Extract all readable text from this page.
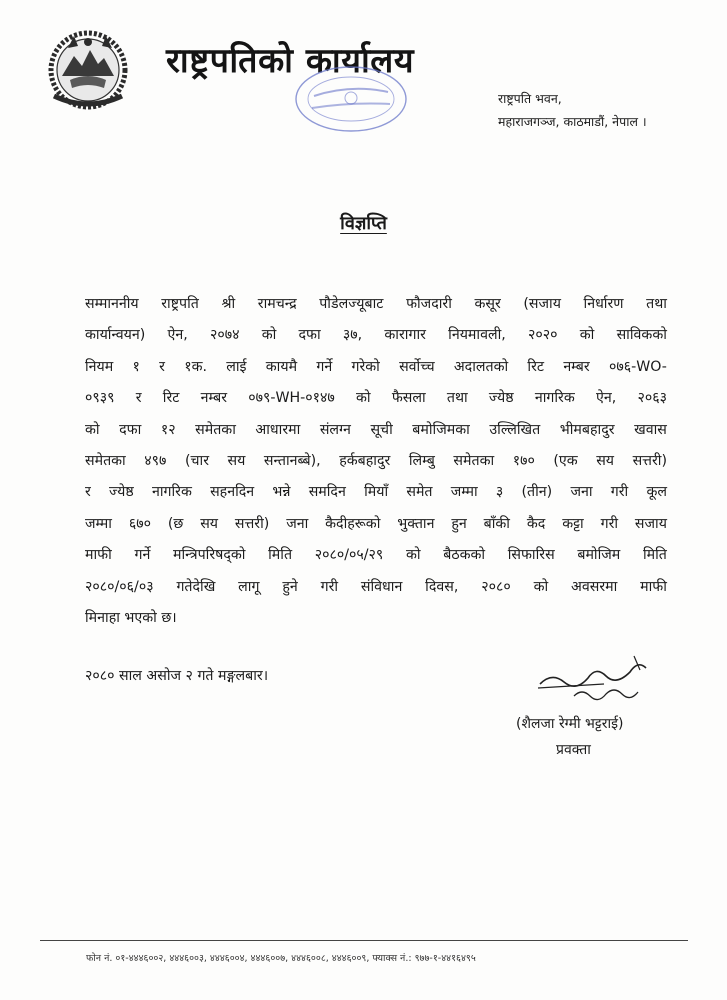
राष्ट्रपतिको कार्यालय
राष्ट्रपति भवन,
महाराजगञ्ज, काठमाडौं, नेपाल ।
विज्ञप्ति
सम्माननीय राष्ट्रपति श्री रामचन्द्र पौडेलज्यूबाट फौजदारी कसूर (सजाय निर्धारण तथा
कार्यान्वयन) ऐन, २०७४ को दफा ३७, कारागार नियमावली, २०२० को साविकको
नियम १ र १क. लाई कायमै गर्ने गरेको सर्वोच्च अदालतको रिट नम्बर ०७६-WO-
०९३९ र रिट नम्बर ०७९-WH-०१४७ को फैसला तथा ज्येष्ठ नागरिक ऐन, २०६३
को दफा १२ समेतका आधारमा संलग्न सूची बमोजिमका उल्लिखित भीमबहादुर खवास
समेतका ४९७ (चार सय सन्तानब्बे), हर्कबहादुर लिम्बु समेतका १७० (एक सय सत्तरी)
र ज्येष्ठ नागरिक सहनदिन भन्ने समदिन मियाँ समेत जम्मा ३ (तीन) जना गरी कूल
जम्मा ६७० (छ सय सत्तरी) जना कैदीहरूको भुक्तान हुन बाँकी कैद कट्टा गरी सजाय
माफी गर्ने मन्त्रिपरिषद्को मिति २०८०/०५/२९ को बैठकको सिफारिस बमोजिम मिति
२०८०/०६/०३ गतेदेखि लागू हुने गरी संविधान दिवस, २०८० को अवसरमा माफी
मिनाहा भएको छ।
२०८० साल असोज २ गते मङ्गलबार।
(शैलजा रेग्मी भट्टराई)
प्रवक्ता
फोन नं. ०१-४४४६००२, ४४४६००३, ४४४६००४, ४४४६००७, ४४४६००८, ४४४६००९, फ्याक्स नं.: ९७७-१-४४१६४९५
